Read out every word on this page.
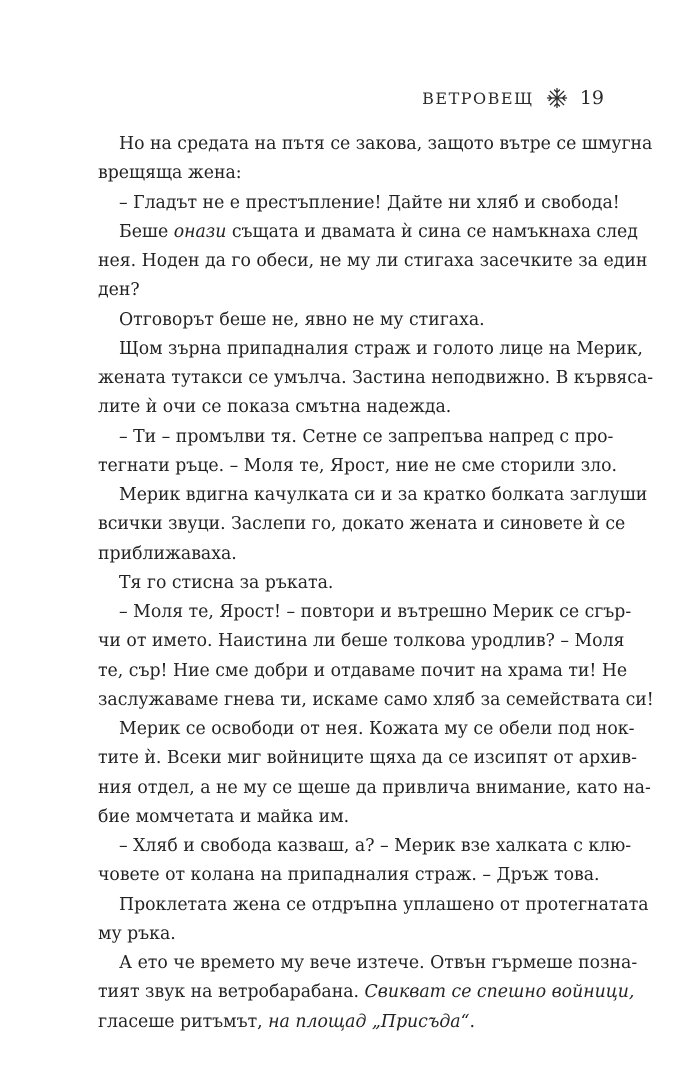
ВЕТРОВЕЩ 19
Но на средата на пътя се закова, защото вътре се шмугна
врещяща жена:
– Гладът не е престъпление! Дайте ни хляб и свобода!
Беше онази същата и двамата ѝ сина се намъкнаха след
нея. Ноден да го обеси, не му ли стигаха засечките за един
ден?
Отговорът беше не, явно не му стигаха.
Щом зърна припадналия страж и голото лице на Мерик,
жената тутакси се умълча. Застина неподвижно. В кървясa-
лите ѝ очи се показа смътна надежда.
– Ти – промълви тя. Сетне се запрепъва напред с про-
тегнати ръце. – Моля те, Ярост, ние не сме сторили зло.
Мерик вдигна качулката си и за кратко болката заглуши
всички звуци. Заслепи го, докато жената и синовете ѝ се
приближаваха.
Тя го стисна за ръката.
– Моля те, Ярост! – повтори и вътрешно Мерик се сгър-
чи от името. Наистина ли беше толкова уродлив? – Моля
те, сър! Ние сме добри и отдаваме почит на храма ти! Не
заслужаваме гнева ти, искаме само хляб за семействата си!
Мерик се освободи от нея. Кожата му се обели под нок-
тите ѝ. Всеки миг войниците щяха да се изсипят от архив-
ния отдел, а не му се щеше да привлича внимание, като на-
бие момчетата и майка им.
– Хляб и свобода казваш, а? – Мерик взе халката с клю-
човете от колана на припадналия страж. – Дръж това.
Проклетата жена се отдръпна уплашено от протегнатата
му ръка.
А ето че времето му вече изтече. Отвън гърмеше позна-
тият звук на ветробарабана. Свикват се спешно войници,
гласеше ритъмът, на площад „Присъда“.
